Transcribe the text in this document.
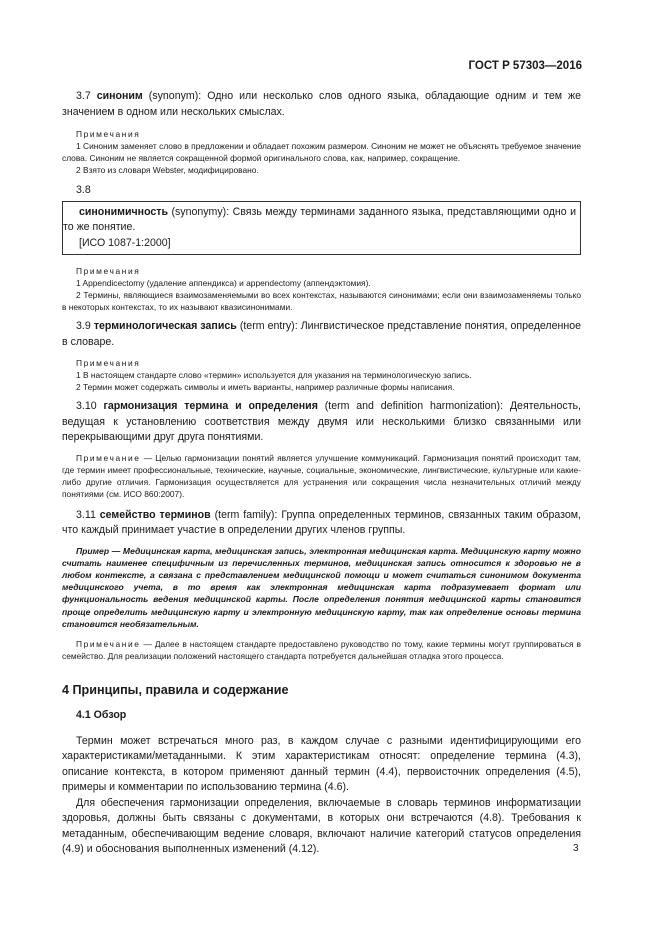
ГОСТ Р 57303—2016

3.7 синоним (synonym): Одно или несколько слов одного языка, обладающие одним и тем же значением в одном или нескольких смыслах.

Примечания

1 Синоним заменяет слово в предложении и обладает похожим размером. Синоним не может не объяснять требуемое значение слова. Синоним не является сокращенной формой оригинального слова, как, например, сокращение.

2 Взято из словаря Webster, модифицировано.

3.8

синонимичность (synonymy): Связь между терминами заданного языка, представляющими одно и то же понятие.

[ИСО 1087-1:2000]

Примечания

1 Appendicectomy (удаление аппендикса) и appendectomy (аппендэктомия).

2 Термины, являющиеся взаимозаменяемыми во всех контекстах, называются синонимами; если они взаимозаменяемы только в некоторых контекстах, то их называют квазисинонимами.

3.9 терминологическая запись (term entry): Лингвистическое представление понятия, определенное в словаре.

Примечания

1 В настоящем стандарте слово «термин» используется для указания на терминологическую запись.

2 Термин может содержать символы и иметь варианты, например различные формы написания.

3.10 гармонизация термина и определения (term and definition harmonization): Деятельность, ведущая к установлению соответствия между двумя или несколькими близко связанными или перекрывающими друг друга понятиями.

Примечание — Целью гармонизации понятий является улучшение коммуникаций. Гармонизация понятий происходит там, где термин имеет профессиональные, технические, научные, социальные, экономические, лингвистические, культурные или какие-либо другие отличия. Гармонизация осуществляется для устранения или сокращения числа незначительных отличий между понятиями (см. ИСО 860:2007).

3.11 семейство терминов (term family): Группа определенных терминов, связанных таким образом, что каждый принимает участие в определении других членов группы.

Пример — Медицинская карта, медицинская запись, электронная медицинская карта. Медицинскую карту можно считать наименее специфичным из перечисленных терминов, медицинская запись относится к здоровью не в любом контексте, а связана с представлением медицинской помощи и может считаться синонимом документа медицинского учета, в то время как электронная медицинская карта подразумевает формат или функциональность ведения медицинской карты. После определения понятия медицинской карты становится проще определить медицинскую карту и электронную медицинскую карту, так как определение основы термина становится необязательным.

Примечание — Далее в настоящем стандарте предоставлено руководство по тому, какие термины могут группироваться в семейство. Для реализации положений настоящего стандарта потребуется дальнейшая отладка этого процесса.

4 Принципы, правила и содержание

4.1 Обзор

Термин может встречаться много раз, в каждом случае с разными идентифицирующими его характеристиками/метаданными. К этим характеристикам относят: определение термина (4.3), описание контекста, в котором применяют данный термин (4.4), первоисточник определения (4.5), примеры и комментарии по использованию термина (4.6).

Для обеспечения гармонизации определения, включаемые в словарь терминов информатизации здоровья, должны быть связаны с документами, в которых они встречаются (4.8). Требования к метаданным, обеспечивающим ведение словаря, включают наличие категорий статусов определения (4.9) и обоснования выполненных изменений (4.12).	3
